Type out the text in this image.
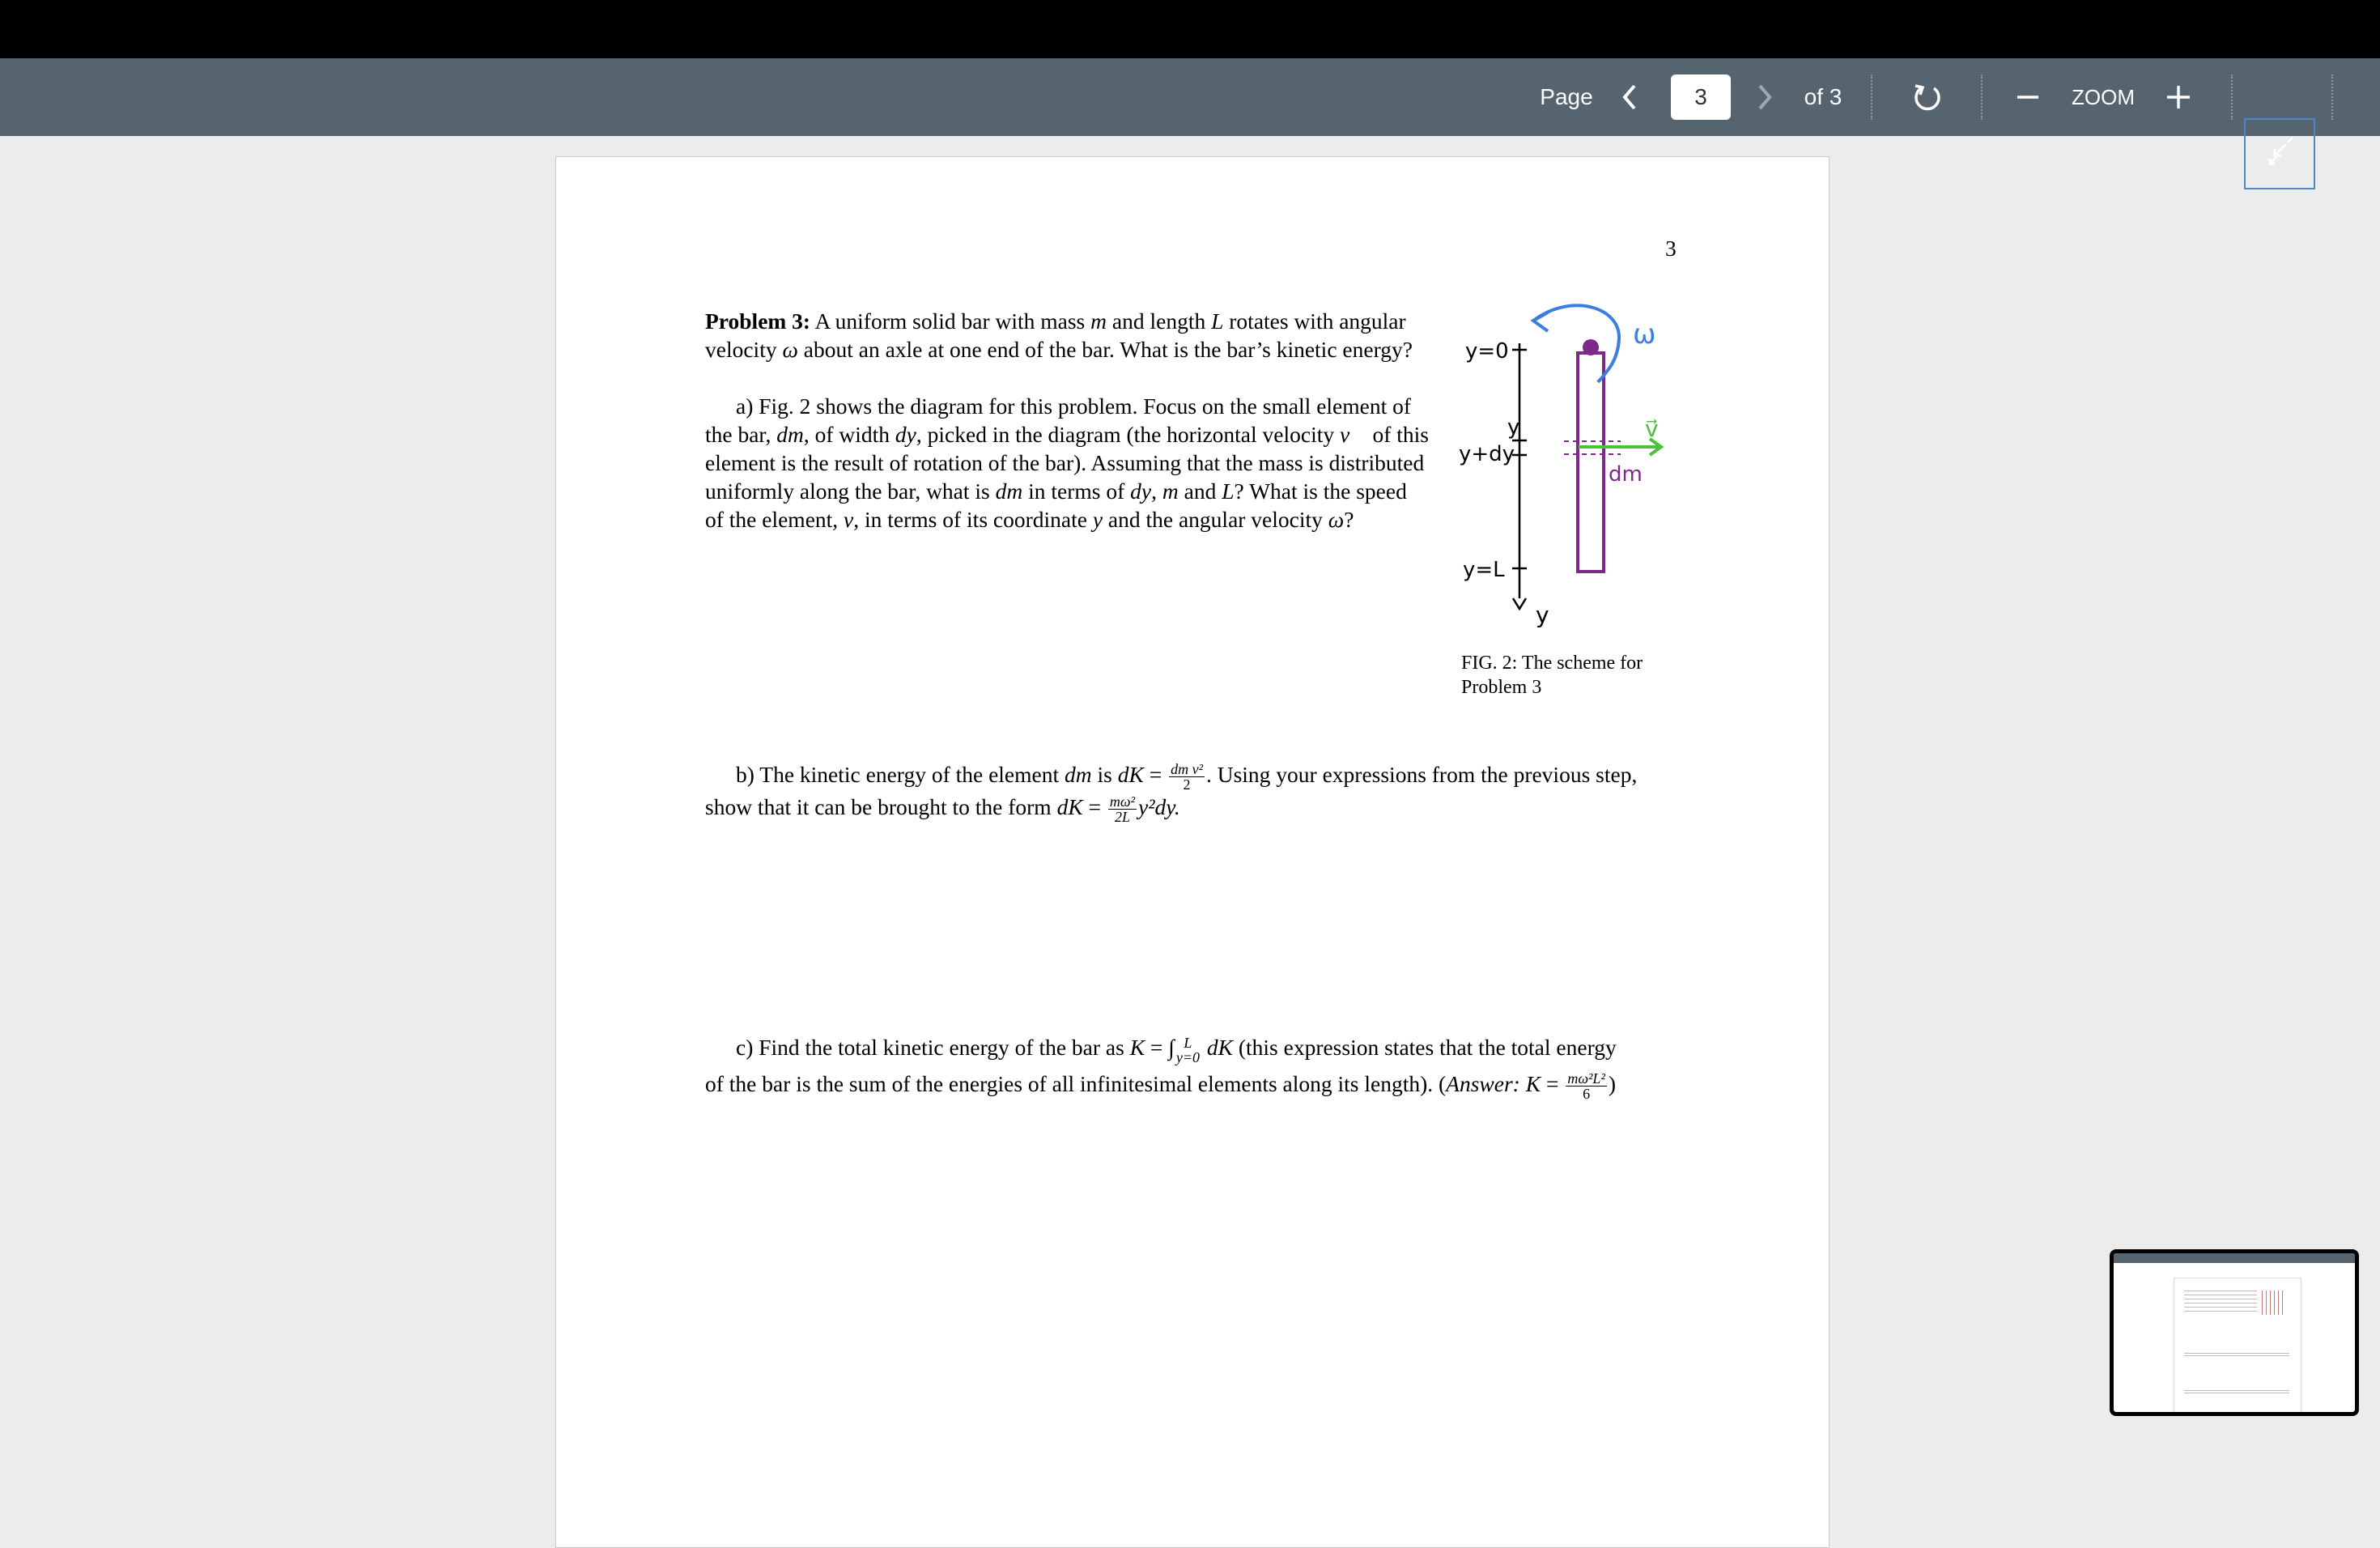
Page
3	of 3	ZOOM
3
Problem 3: A uniform solid bar with mass m and length L rotates with angular
velocity ω about an axle at one end of the bar. What is the bar’s kinetic energy?
a) Fig. 2 shows the diagram for this problem. Focus on the small element of
the bar, dm, of width dy, picked in the diagram (the horizontal velocity v⃗ of this
element is the result of rotation of the bar). Assuming that the mass is distributed
uniformly along the bar, what is dm in terms of dy, m and L? What is the speed
of the element, v, in terms of its coordinate y and the angular velocity ω?
y=0
y+dy
y
y=L
y
ω
v⃗
dm
FIG. 2: The scheme for
Problem 3
b) The kinetic energy of the element dm is dK = $\frac{\text{dm v²}}{2}$ . Using your expressions from the previous step,
show that it can be brought to the form dK = $\frac{\text{mω²}}{2L} y^2dy$.
c) Find the total kinetic energy of the bar as K = ∫ L
y=0 dK (this expression states that the total energy
of the bar is the sum of the energies of all infinitesimal elements along its length). (Answer: $K = \frac{\text{mω²L²}}{6}$ )
